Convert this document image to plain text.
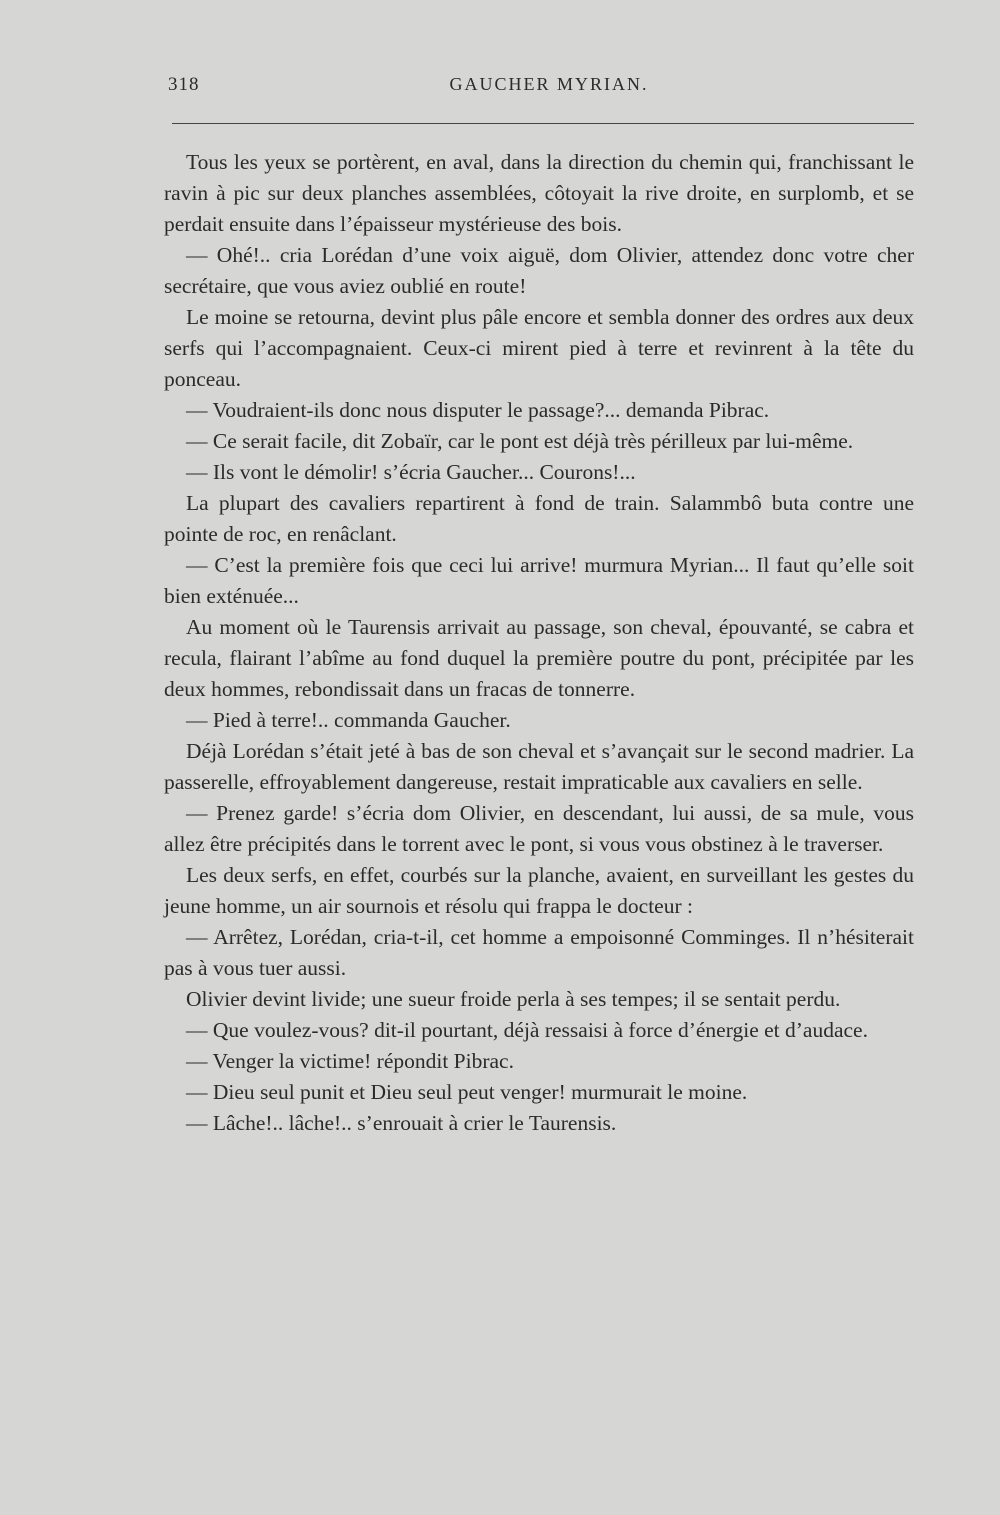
318	GAUCHER MYRIAN.

Tous les yeux se portèrent, en aval, dans la direction du chemin qui, franchissant le ravin à pic sur deux planches assemblées, côtoyait la rive droite, en surplomb, et se perdait ensuite dans l’épaisseur mystérieuse des bois.

— Ohé!.. cria Lorédan d’une voix aiguë, dom Olivier, attendez donc votre cher secrétaire, que vous aviez oublié en route!

Le moine se retourna, devint plus pâle encore et sembla donner des ordres aux deux serfs qui l’accompagnaient. Ceux-ci mirent pied à terre et revinrent à la tête du ponceau.

— Voudraient-ils donc nous disputer le passage?... demanda Pibrac.

— Ce serait facile, dit Zobaïr, car le pont est déjà très périlleux par lui-même.

— Ils vont le démolir! s’écria Gaucher... Courons!...

La plupart des cavaliers repartirent à fond de train. Salammbô buta contre une pointe de roc, en renâclant.

— C’est la première fois que ceci lui arrive! murmura Myrian... Il faut qu’elle soit bien exténuée...

Au moment où le Taurensis arrivait au passage, son cheval, épouvanté, se cabra et recula, flairant l’abîme au fond duquel la première poutre du pont, précipitée par les deux hommes, rebondissait dans un fracas de tonnerre.

— Pied à terre!.. commanda Gaucher.

Déjà Lorédan s’était jeté à bas de son cheval et s’avançait sur le second madrier. La passerelle, effroyablement dangereuse, restait impraticable aux cavaliers en selle.

— Prenez garde! s’écria dom Olivier, en descendant, lui aussi, de sa mule, vous allez être précipités dans le torrent avec le pont, si vous vous obstinez à le traverser.

Les deux serfs, en effet, courbés sur la planche, avaient, en surveillant les gestes du jeune homme, un air sournois et résolu qui frappa le docteur :

— Arrêtez, Lorédan, cria-t-il, cet homme a empoisonné Comminges. Il n’hésiterait pas à vous tuer aussi.

Olivier devint livide; une sueur froide perla à ses tempes; il se sentait perdu.

— Que voulez-vous? dit-il pourtant, déjà ressaisi à force d’énergie et d’audace.

— Venger la victime! répondit Pibrac.

— Dieu seul punit et Dieu seul peut venger! murmurait le moine.

— Lâche!.. lâche!.. s’enrouait à crier le Taurensis.
